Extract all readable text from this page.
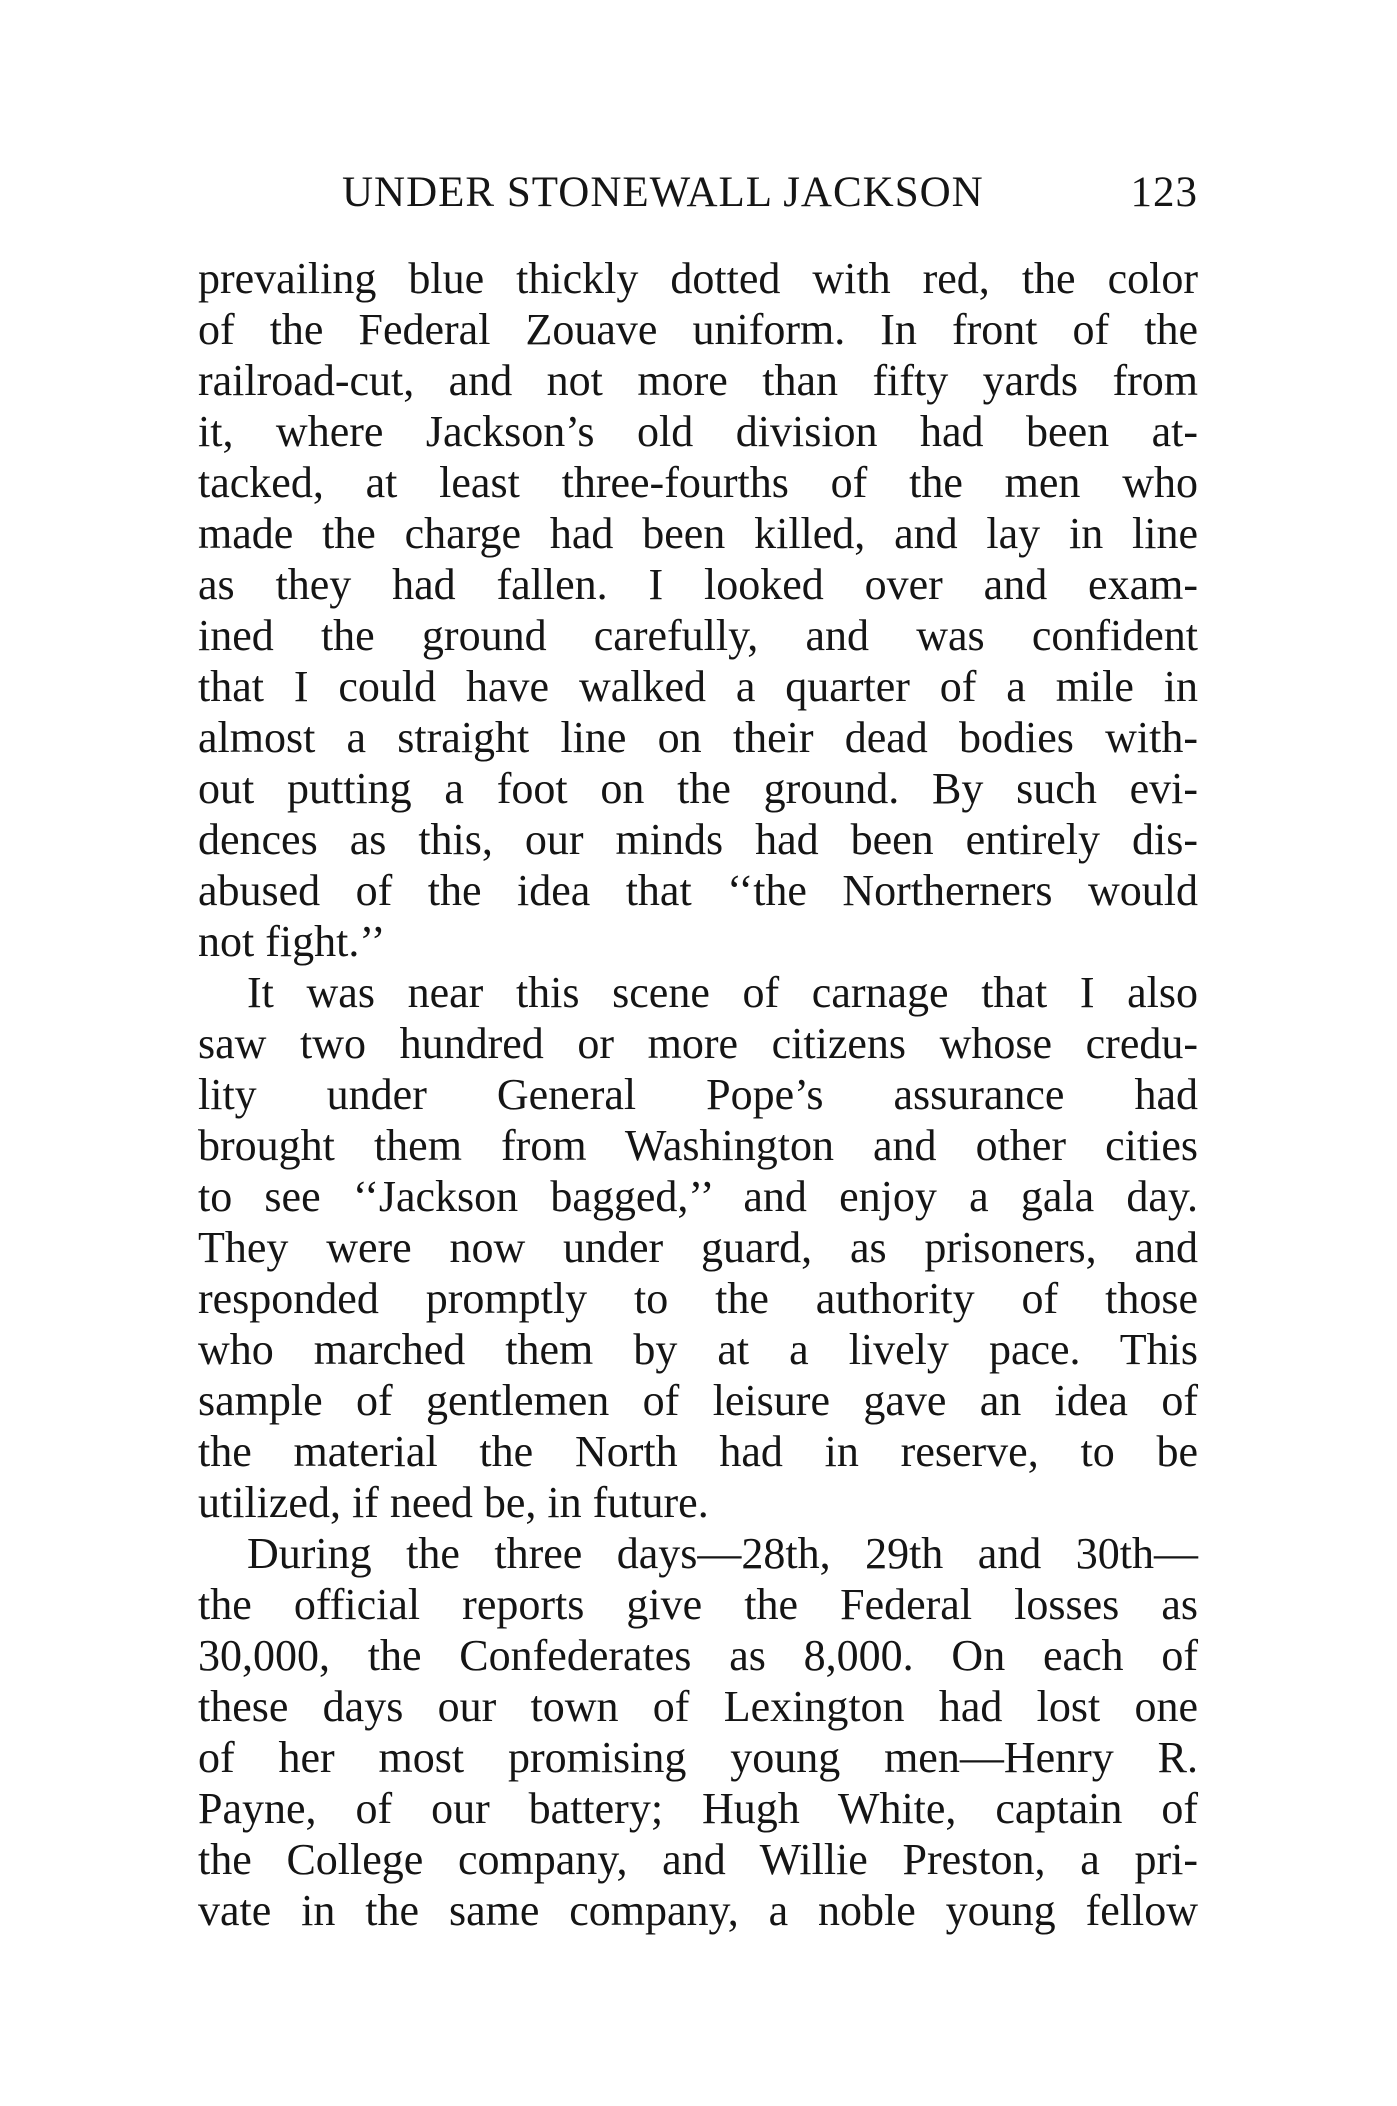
UNDER STONEWALL JACKSON	123
prevailing blue thickly dotted with red, the color
of the Federal Zouave uniform. In front of the
railroad-cut, and not more than fifty yards from
it, where Jackson’s old division had been at-
tacked, at least three-fourths of the men who
made the charge had been killed, and lay in line
as they had fallen. I looked over and exam-
ined the ground carefully, and was confident
that I could have walked a quarter of a mile in
almost a straight line on their dead bodies with-
out putting a foot on the ground. By such evi-
dences as this, our minds had been entirely dis-
abused of the idea that ‘‘the Northerners would
not fight.’’
It was near this scene of carnage that I also
saw two hundred or more citizens whose credu-
lity under General Pope’s assurance had
brought them from Washington and other cities
to see ‘‘Jackson bagged,’’ and enjoy a gala day.
They were now under guard, as prisoners, and
responded promptly to the authority of those
who marched them by at a lively pace. This
sample of gentlemen of leisure gave an idea of
the material the North had in reserve, to be
utilized, if need be, in future.
During the three days—28th, 29th and 30th—
the official reports give the Federal losses as
30,000, the Confederates as 8,000. On each of
these days our town of Lexington had lost one
of her most promising young men—Henry R.
Payne, of our battery; Hugh White, captain of
the College company, and Willie Preston, a pri-
vate in the same company, a noble young fellow
